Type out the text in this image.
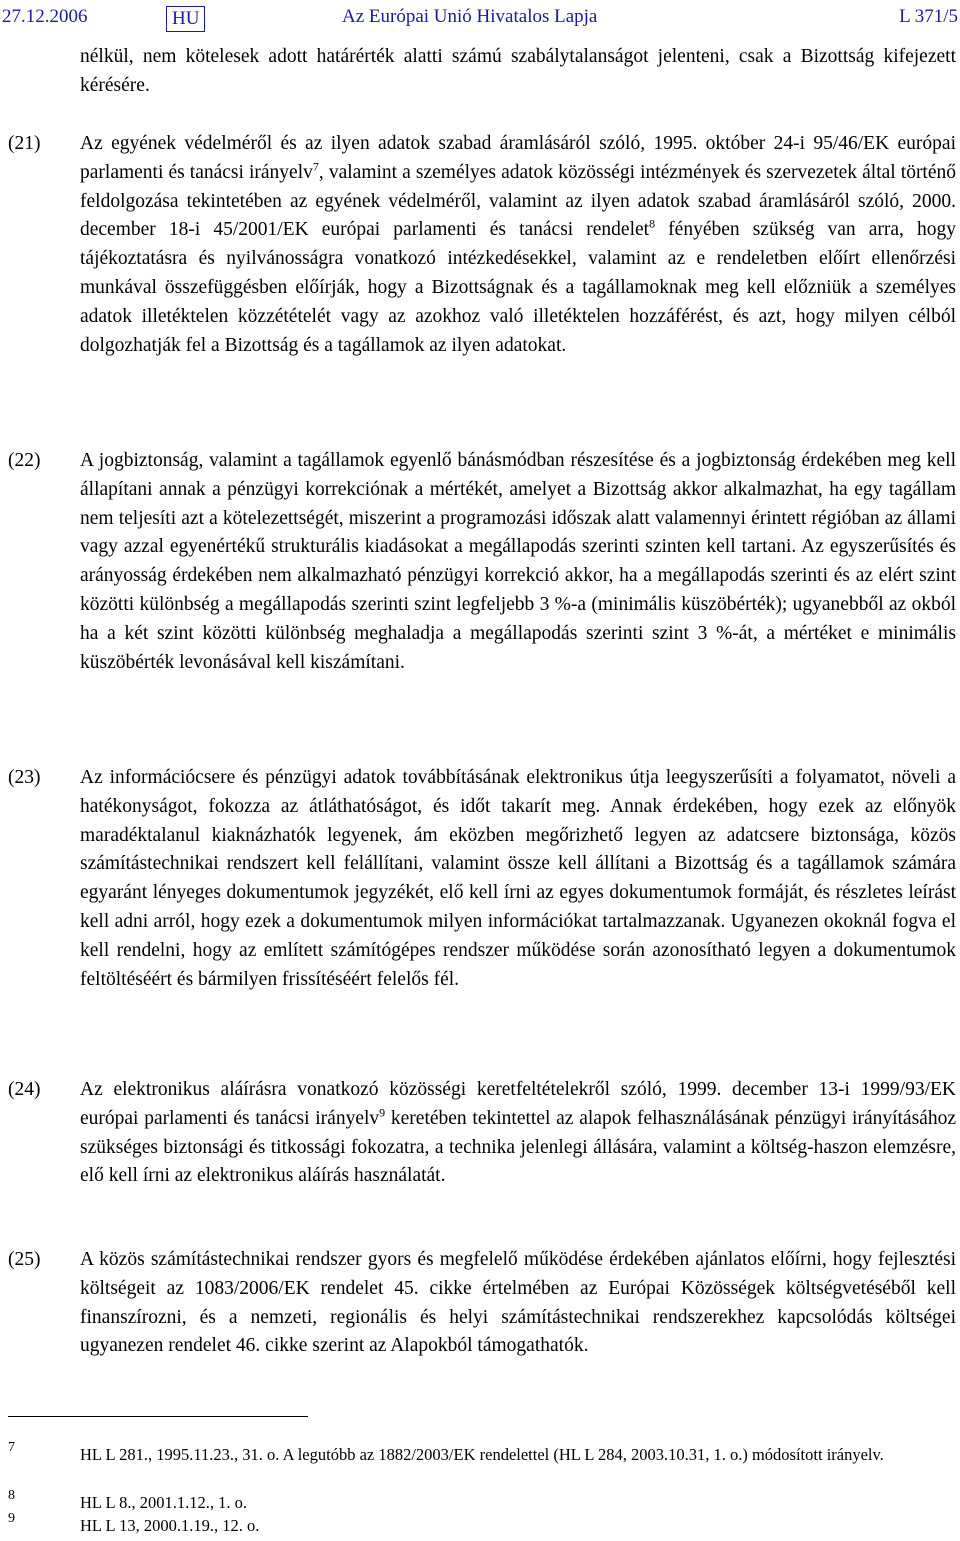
27.12.2006	HU	Az Európai Unió Hivatalos Lapja	L 371/5
nélkül, nem kötelesek adott határérték alatti számú szabálytalanságot jelenteni, csak a Bizottság kifejezett kérésére.
(21) Az egyének védelméről és az ilyen adatok szabad áramlásáról szóló, 1995. október 24-i 95/46/EK európai parlamenti és tanácsi irányelv$^7$, valamint a személyes adatok közösségi intézmények és szervezetek által történő feldolgozása tekintetében az egyének védelméről, valamint az ilyen adatok szabad áramlásáról szóló, 2000. december 18-i 45/2001/EK európai parlamenti és tanácsi rendelet$^8$ fényében szükség van arra, hogy tájékoztatásra és nyilvánosságra vonatkozó intézkedésekkel, valamint az e rendeletben előírt ellenőrzési munkával összefüggésben előírják, hogy a Bizottságnak és a tagállamoknak meg kell előzniük a személyes adatok illetéktelen közzétételét vagy az azokhoz való illetéktelen hozzáférést, és azt, hogy milyen célból dolgozhatják fel a Bizottság és a tagállamok az ilyen adatokat.
(22) A jogbiztonság, valamint a tagállamok egyenlő bánásmódban részesítése és a jogbiztonság érdekében meg kell állapítani annak a pénzügyi korrekciónak a mértékét, amelyet a Bizottság akkor alkalmazhat, ha egy tagállam nem teljesíti azt a kötelezettségét, miszerint a programozási időszak alatt valamennyi érintett régióban az állami vagy azzal egyenértékű strukturális kiadásokat a megállapodás szerinti szinten kell tartani. Az egyszerűsítés és arányosság érdekében nem alkalmazható pénzügyi korrekció akkor, ha a megállapodás szerinti és az elért szint közötti különbség a megállapodás szerinti szint legfeljebb 3 %-a (minimális küszöbérték); ugyanebből az okból ha a két szint közötti különbség meghaladja a megállapodás szerinti szint 3 %-át, a mértéket e minimális küszöbérték levonásával kell kiszámítani.
(23) Az információcsere és pénzügyi adatok továbbításának elektronikus útja leegyszerűsíti a folyamatot, növeli a hatékonyságot, fokozza az átláthatóságot, és időt takarít meg. Annak érdekében, hogy ezek az előnyök maradéktalanul kiaknázhatók legyenek, ám eközben megőrizhető legyen az adatcsere biztonsága, közös számítástechnikai rendszert kell felállítani, valamint össze kell állítani a Bizottság és a tagállamok számára egyaránt lényeges dokumentumok jegyzékét, elő kell írni az egyes dokumentumok formáját, és részletes leírást kell adni arról, hogy ezek a dokumentumok milyen információkat tartalmazzanak. Ugyanezen okoknál fogva el kell rendelni, hogy az említett számítógépes rendszer működése során azonosítható legyen a dokumentumok feltöltéséért és bármilyen frissítéséért felelős fél.
(24) Az elektronikus aláírásra vonatkozó közösségi keretfeltételekről szóló, 1999. december 13-i 1999/93/EK európai parlamenti és tanácsi irányelv$^9$ keretében tekintettel az alapok felhasználásának pénzügyi irányításához szükséges biztonsági és titkossági fokozatra, a technika jelenlegi állására, valamint a költség-haszon elemzésre, elő kell írni az elektronikus aláírás használatát.
(25) A közös számítástechnikai rendszer gyors és megfelelő működése érdekében ajánlatos előírni, hogy fejlesztési költségeit az 1083/2006/EK rendelet 45. cikke értelmében az Európai Közösségek költségvetéséből kell finanszírozni, és a nemzeti, regionális és helyi számítástechnikai rendszerekhez kapcsolódás költségei ugyanezen rendelet 46. cikke szerint az Alapokból támogathatók.
7	HL L 281., 1995.11.23., 31. o. A legutóbb az 1882/2003/EK rendelettel (HL L 284, 2003.10.31, 1. o.) módosított irányelv.
8	HL L 8., 2001.1.12., 1. o.
9	HL L 13, 2000.1.19., 12. o.
